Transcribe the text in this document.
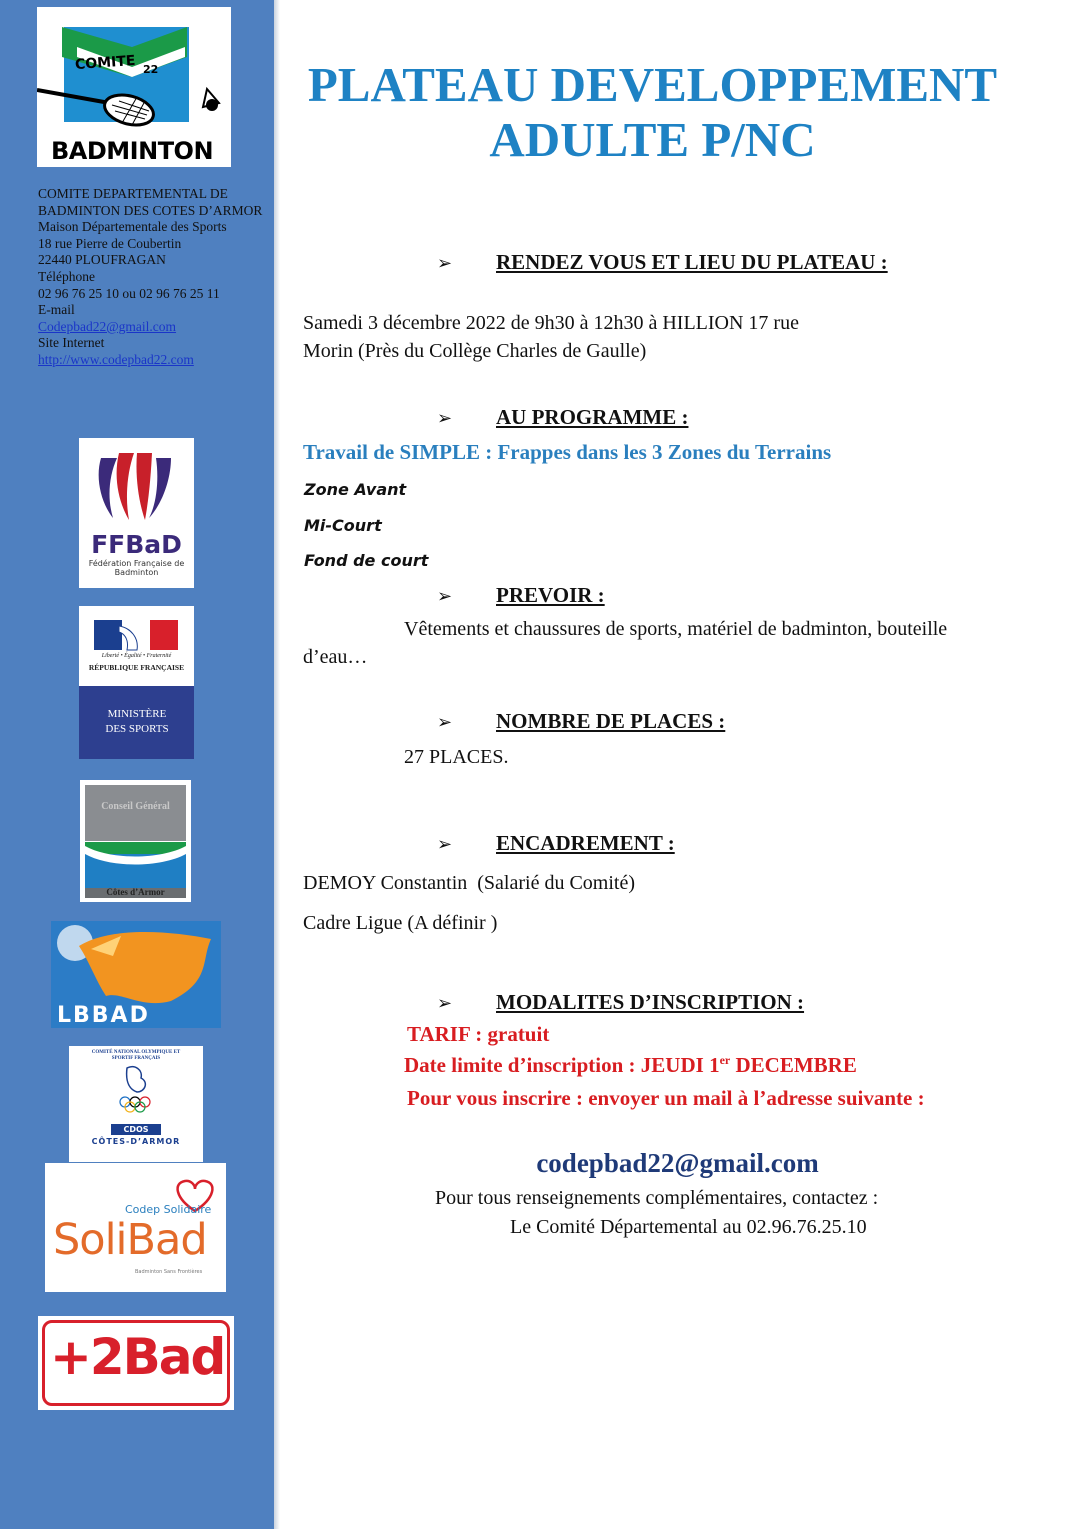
COMITE 22
BADMINTON
COMITE DEPARTEMENTAL DE BADMINTON DES COTES D’ARMOR
Maison Départementale des Sports
18 rue Pierre de Coubertin
22440 PLOUFRAGAN
Téléphone
02 96 76 25 10 ou 02 96 76 25 11
E-mail
Codepbad22@gmail.com
Site Internet
http://www.codepbad22.com
FFBaD
Fédération Française de Badminton
Liberté • Égalité • Fraternité
RÉPUBLIQUE FRANÇAISE
MINISTÈRE DES SPORTS
Conseil Général
Côtes d’Armor
LBBAD
COMITÉ NATIONAL OLYMPIQUE ET SPORTIF FRANÇAIS
CDOS
CÔTES-D’ARMOR
Codep Solidaire
SoliBad
Badminton Sans Frontières
+2Bad
PLATEAU DEVELOPPEMENT
ADULTE P/NC
➢ RENDEZ VOUS ET LIEU DU PLATEAU :
Samedi 3 décembre 2022 de 9h30 à 12h30 à HILLION 17 rue
Morin (Près du Collège Charles de Gaulle)
➢ AU PROGRAMME :
Travail de SIMPLE : Frappes dans les 3 Zones du Terrains
Zone Avant
Mi-Court
Fond de court
➢ PREVOIR :
Vêtements et chaussures de sports, matériel de badminton, bouteille
d’eau…
➢ NOMBRE DE PLACES :
27 PLACES.
➢ ENCADREMENT :
DEMOY Constantin  (Salarié du Comité)
Cadre Ligue (A définir )
➢ MODALITES D’INSCRIPTION :
TARIF : gratuit
Date limite d’inscription : JEUDI 1er DECEMBRE
Pour vous inscrire : envoyer un mail à l’adresse suivante :
codepbad22@gmail.com
Pour tous renseignements complémentaires, contactez :
Le Comité Départemental au 02.96.76.25.10
